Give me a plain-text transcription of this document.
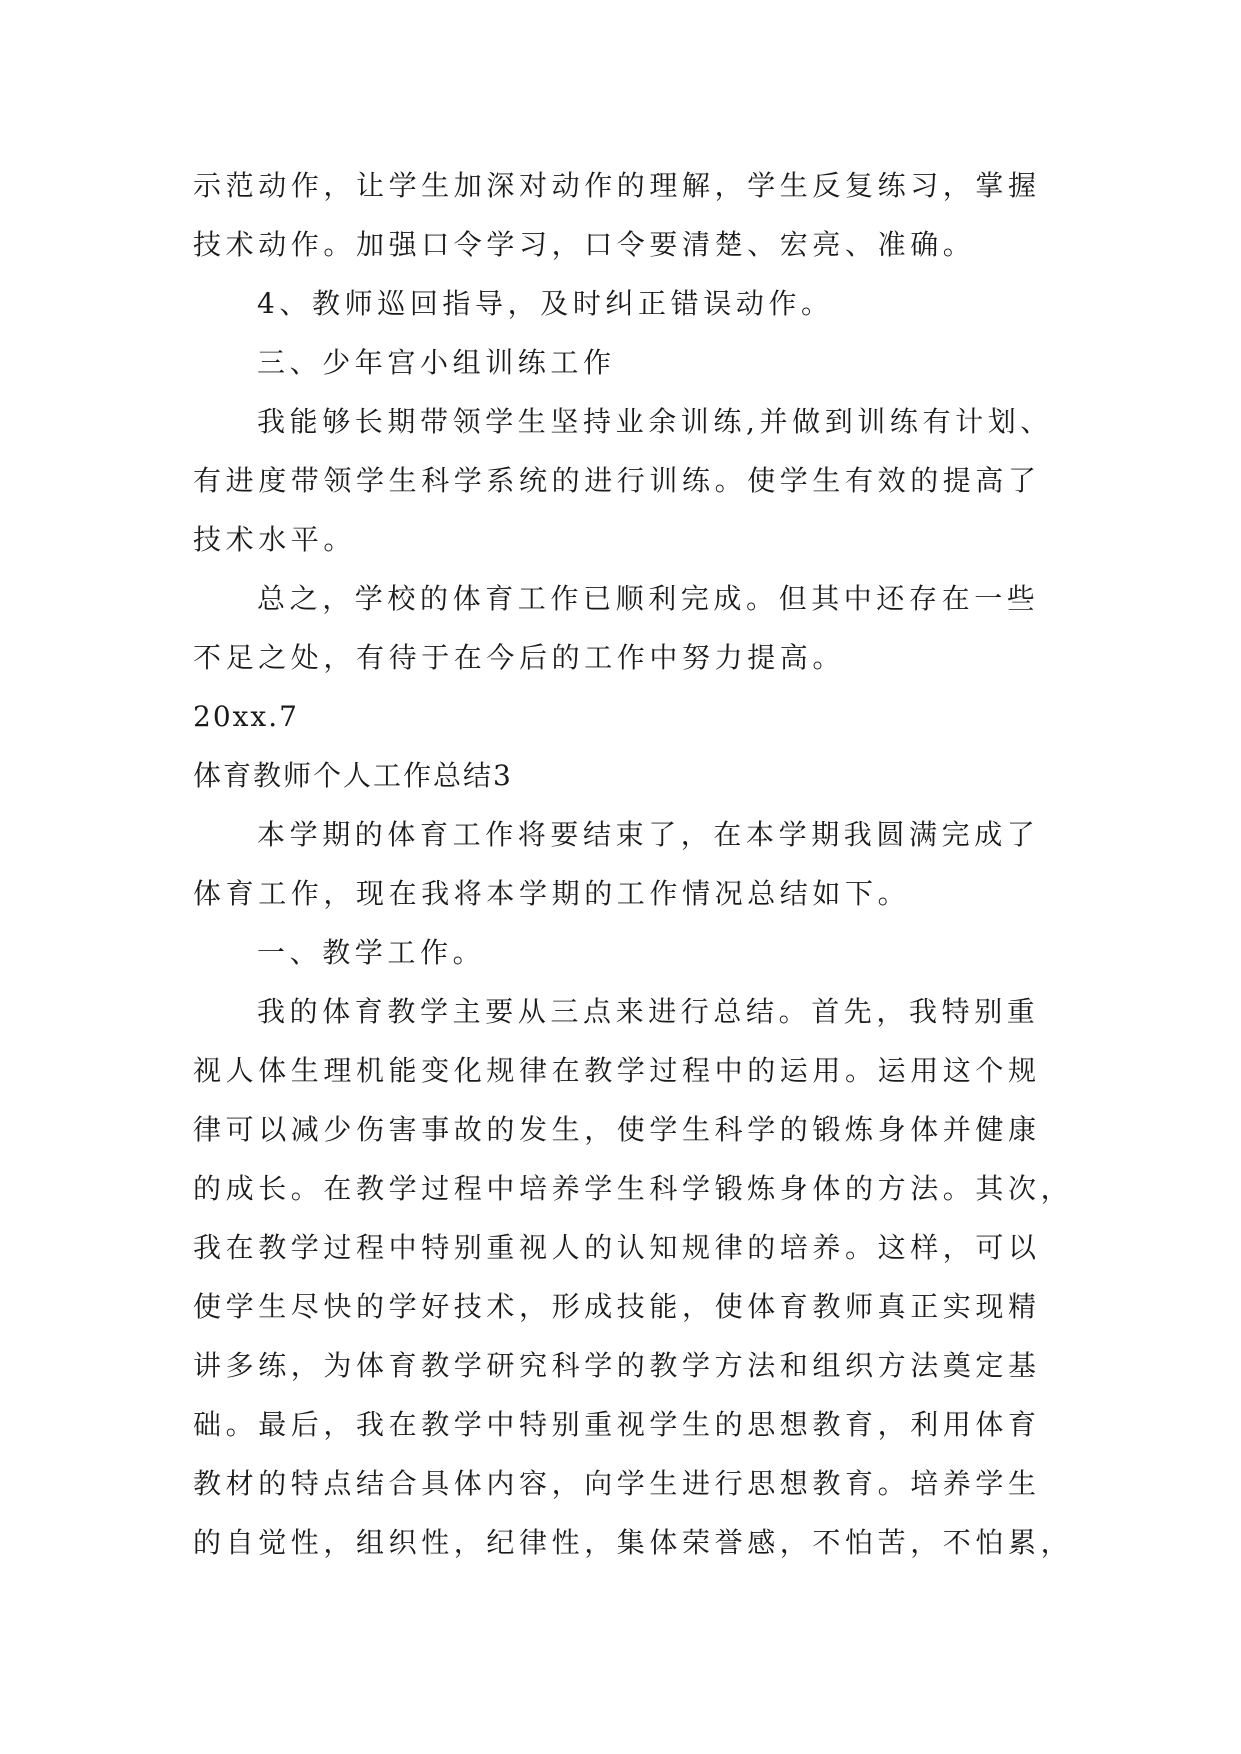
示范动作，让学生加深对动作的理解，学生反复练习，掌握
技术动作。加强口令学习，口令要清楚、宏亮、准确。
4、教师巡回指导，及时纠正错误动作。
三、少年宫小组训练工作
我能够长期带领学生坚持业余训练,并做到训练有计划、
有进度带领学生科学系统的进行训练。使学生有效的提高了
技术水平。
总之，学校的体育工作已顺利完成。但其中还存在一些
不足之处，有待于在今后的工作中努力提高。
20xx.7
体育教师个人工作总结3
本学期的体育工作将要结束了，在本学期我圆满完成了
体育工作，现在我将本学期的工作情况总结如下。
一、教学工作。
我的体育教学主要从三点来进行总结。首先，我特别重
视人体生理机能变化规律在教学过程中的运用。运用这个规
律可以减少伤害事故的发生，使学生科学的锻炼身体并健康
的成长。在教学过程中培养学生科学锻炼身体的方法。其次，
我在教学过程中特别重视人的认知规律的培养。这样，可以
使学生尽快的学好技术，形成技能，使体育教师真正实现精
讲多练，为体育教学研究科学的教学方法和组织方法奠定基
础。最后，我在教学中特别重视学生的思想教育，利用体育
教材的特点结合具体内容，向学生进行思想教育。培养学生
的自觉性，组织性，纪律性，集体荣誉感，不怕苦，不怕累，
